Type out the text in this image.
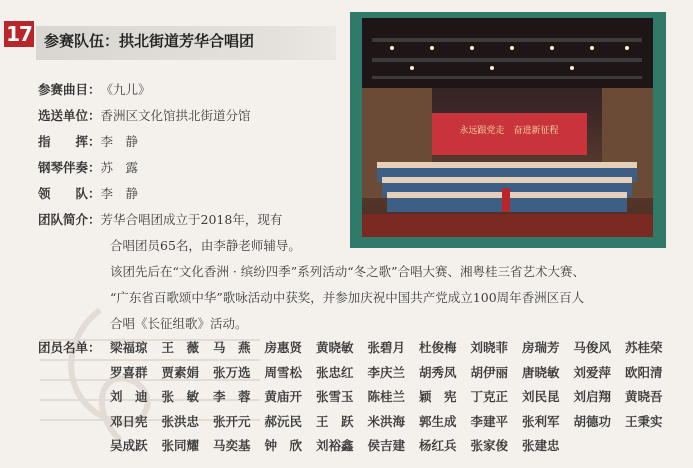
17 参赛队伍：拱北街道芳华合唱团
永远跟党走　奋进新征程
参赛曲目：《九儿》
选送单位：香洲区文化馆拱北街道分馆
指　　挥：李　静
钢琴伴奏：苏　露
领　　队：李　静
团队简介：芳华合唱团成立于2018年，现有
合唱团员65名，由李静老师辅导。
该团先后在“文化香洲 · 缤纷四季”系列活动“冬之歌”合唱大赛、湘粤桂三省艺术大赛、
“广东省百歌颂中华”歌咏活动中获奖，并参加庆祝中国共产党成立100周年香洲区百人
合唱《长征组歌》活动。
团员名单： 梁福琼 王　薇 马　燕 房惠贤 黄晓敏 张碧月 杜俊梅 刘晓菲 房瑞芳 马俊风 苏桂荣
罗喜群 贾素娟 张万选 周雪松 张忠红 李庆兰 胡秀凤 胡伊丽 唐晓敏 刘爱萍 欧阳清
刘　迪 张　敏 李　蓉 黄庙开 张雪玉 陈桂兰 颖　宪 丁克正 刘民昆 刘启翔 黄晓吾
邓日宪 张洪忠 张开元 郝沅民 王　跃 米洪海 郭生成 李建平 张利军 胡德功 王秉实
吴成跃 张同耀 马奕基 钟　欣 刘裕鑫 侯吉建 杨红兵 张家俊 张建忠
